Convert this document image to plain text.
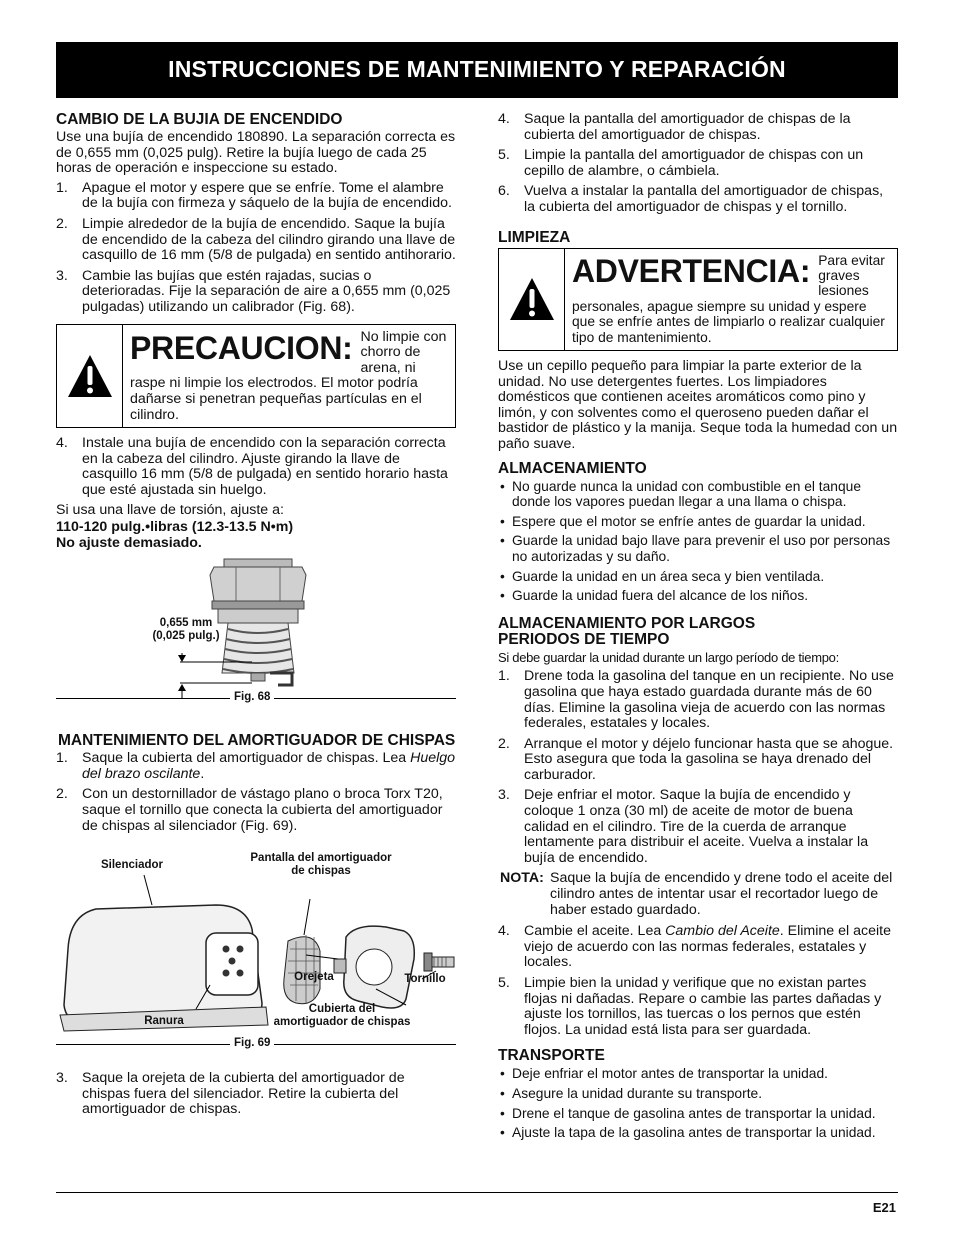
INSTRUCCIONES DE MANTENIMIENTO Y REPARACIÓN
CAMBIO DE LA BUJIA DE ENCENDIDO

Use una bujía de encendido 180890. La separación correcta es de 0,655 mm (0,025 pulg). Retire la bujía luego de cada 25 horas de operación e inspeccione su estado.

1. Apague el motor y espere que se enfríe. Tome el alambre de la bujía con firmeza y sáquelo de la bujía de encendido.
2. Limpie alrededor de la bujía de encendido. Saque la bujía de encendido de la cabeza del cilindro girando una llave de casquillo de 16 mm (5/8 de pulgada) en sentido antihorario.
3. Cambie las bujías que estén rajadas, sucias o deterioradas. Fije la separación de aire a 0,655 mm (0,025 pulgadas) utilizando un calibrador (Fig. 68).
PRECAUCION: No limpie con chorro de arena, ni raspe ni limpie los electrodos. El motor podría dañarse si penetran pequeñas partículas en el cilindro.
4. Instale una bujía de encendido con la separación correcta en la cabeza del cilindro. Ajuste girando la llave de casquillo 16 mm (5/8 de pulgada) en sentido horario hasta que esté ajustada sin huelgo.

Si usa una llave de torsión, ajuste a:

110-120 pulg.•libras (12.3-13.5 N•m)

No ajuste demasiado.

0,655 mm
(0,025 pulg.)
Fig. 68
MANTENIMIENTO DEL AMORTIGUADOR DE CHISPAS
1. Saque la cubierta del amortiguador de chispas. Lea Huelgo del brazo oscilante.
2. Con un destornillador de vástago plano o broca Torx T20, saque el tornillo que conecta la cubierta del amortiguador de chispas al silenciador (Fig. 69).
Silenciador
Pantalla del amortiguador
de chispas
Orejeta	Tornillo
Ranura
Cubierta del
amortiguador de chispas
Fig. 69
3. Saque la orejeta de la cubierta del amortiguador de chispas fuera del silenciador. Retire la cubierta del amortiguador de chispas.
4. Saque la pantalla del amortiguador de chispas de la cubierta del amortiguador de chispas.
5. Limpie la pantalla del amortiguador de chispas con un cepillo de alambre, o cámbiela.
6. Vuelva a instalar la pantalla del amortiguador de chispas, la cubierta del amortiguador de chispas y el tornillo.
LIMPIEZA
ADVERTENCIA: Para evitar graves lesiones personales, apague siempre su unidad y espere que se enfríe antes de limpiarlo o realizar cualquier tipo de mantenimiento.

Use un cepillo pequeño para limpiar la parte exterior de la unidad. No use detergentes fuertes. Los limpiadores domésticos que contienen aceites aromáticos como pino y limón, y con solventes como el queroseno pueden dañar el bastidor de plástico y la manija. Seque toda la humedad con un paño suave.

ALMACENAMIENTO
• No guarde nunca la unidad con combustible en el tanque donde los vapores puedan llegar a una llama o chispa.
• Espere que el motor se enfríe antes de guardar la unidad.
• Guarde la unidad bajo llave para prevenir el uso por personas no autorizadas y su daño.
• Guarde la unidad en un área seca y bien ventilada.
• Guarde la unidad fuera del alcance de los niños.
ALMACENAMIENTO POR LARGOS PERIODOS DE TIEMPO

Si debe guardar la unidad durante un largo período de tiempo:

1. Drene toda la gasolina del tanque en un recipiente. No use gasolina que haya estado guardada durante más de 60 días. Elimine la gasolina vieja de acuerdo con las normas federales, estatales y locales.
2. Arranque el motor y déjelo funcionar hasta que se ahogue. Esto asegura que toda la gasolina se haya drenado del carburador.
3. Deje enfriar el motor. Saque la bujía de encendido y coloque 1 onza (30 ml) de aceite de motor de buena calidad en el cilindro. Tire de la cuerda de arranque lentamente para distribuir el aceite. Vuelva a instalar la bujía de encendido.
NOTA: Saque la bujía de encendido y drene todo el aceite del cilindro antes de intentar usar el recortador luego de haber estado guardado.
4. Cambie el aceite. Lea Cambio del Aceite. Elimine el aceite viejo de acuerdo con las normas federales, estatales y locales.
5. Limpie bien la unidad y verifique que no existan partes flojas ni dañadas. Repare o cambie las partes dañadas y ajuste los tornillos, las tuercas o los pernos que estén flojos. La unidad está lista para ser guardada.
TRANSPORTE
• Deje enfriar el motor antes de transportar la unidad.
• Asegure la unidad durante su transporte.
• Drene el tanque de gasolina antes de transportar la unidad.
• Ajuste la tapa de la gasolina antes de transportar la unidad.
E21
